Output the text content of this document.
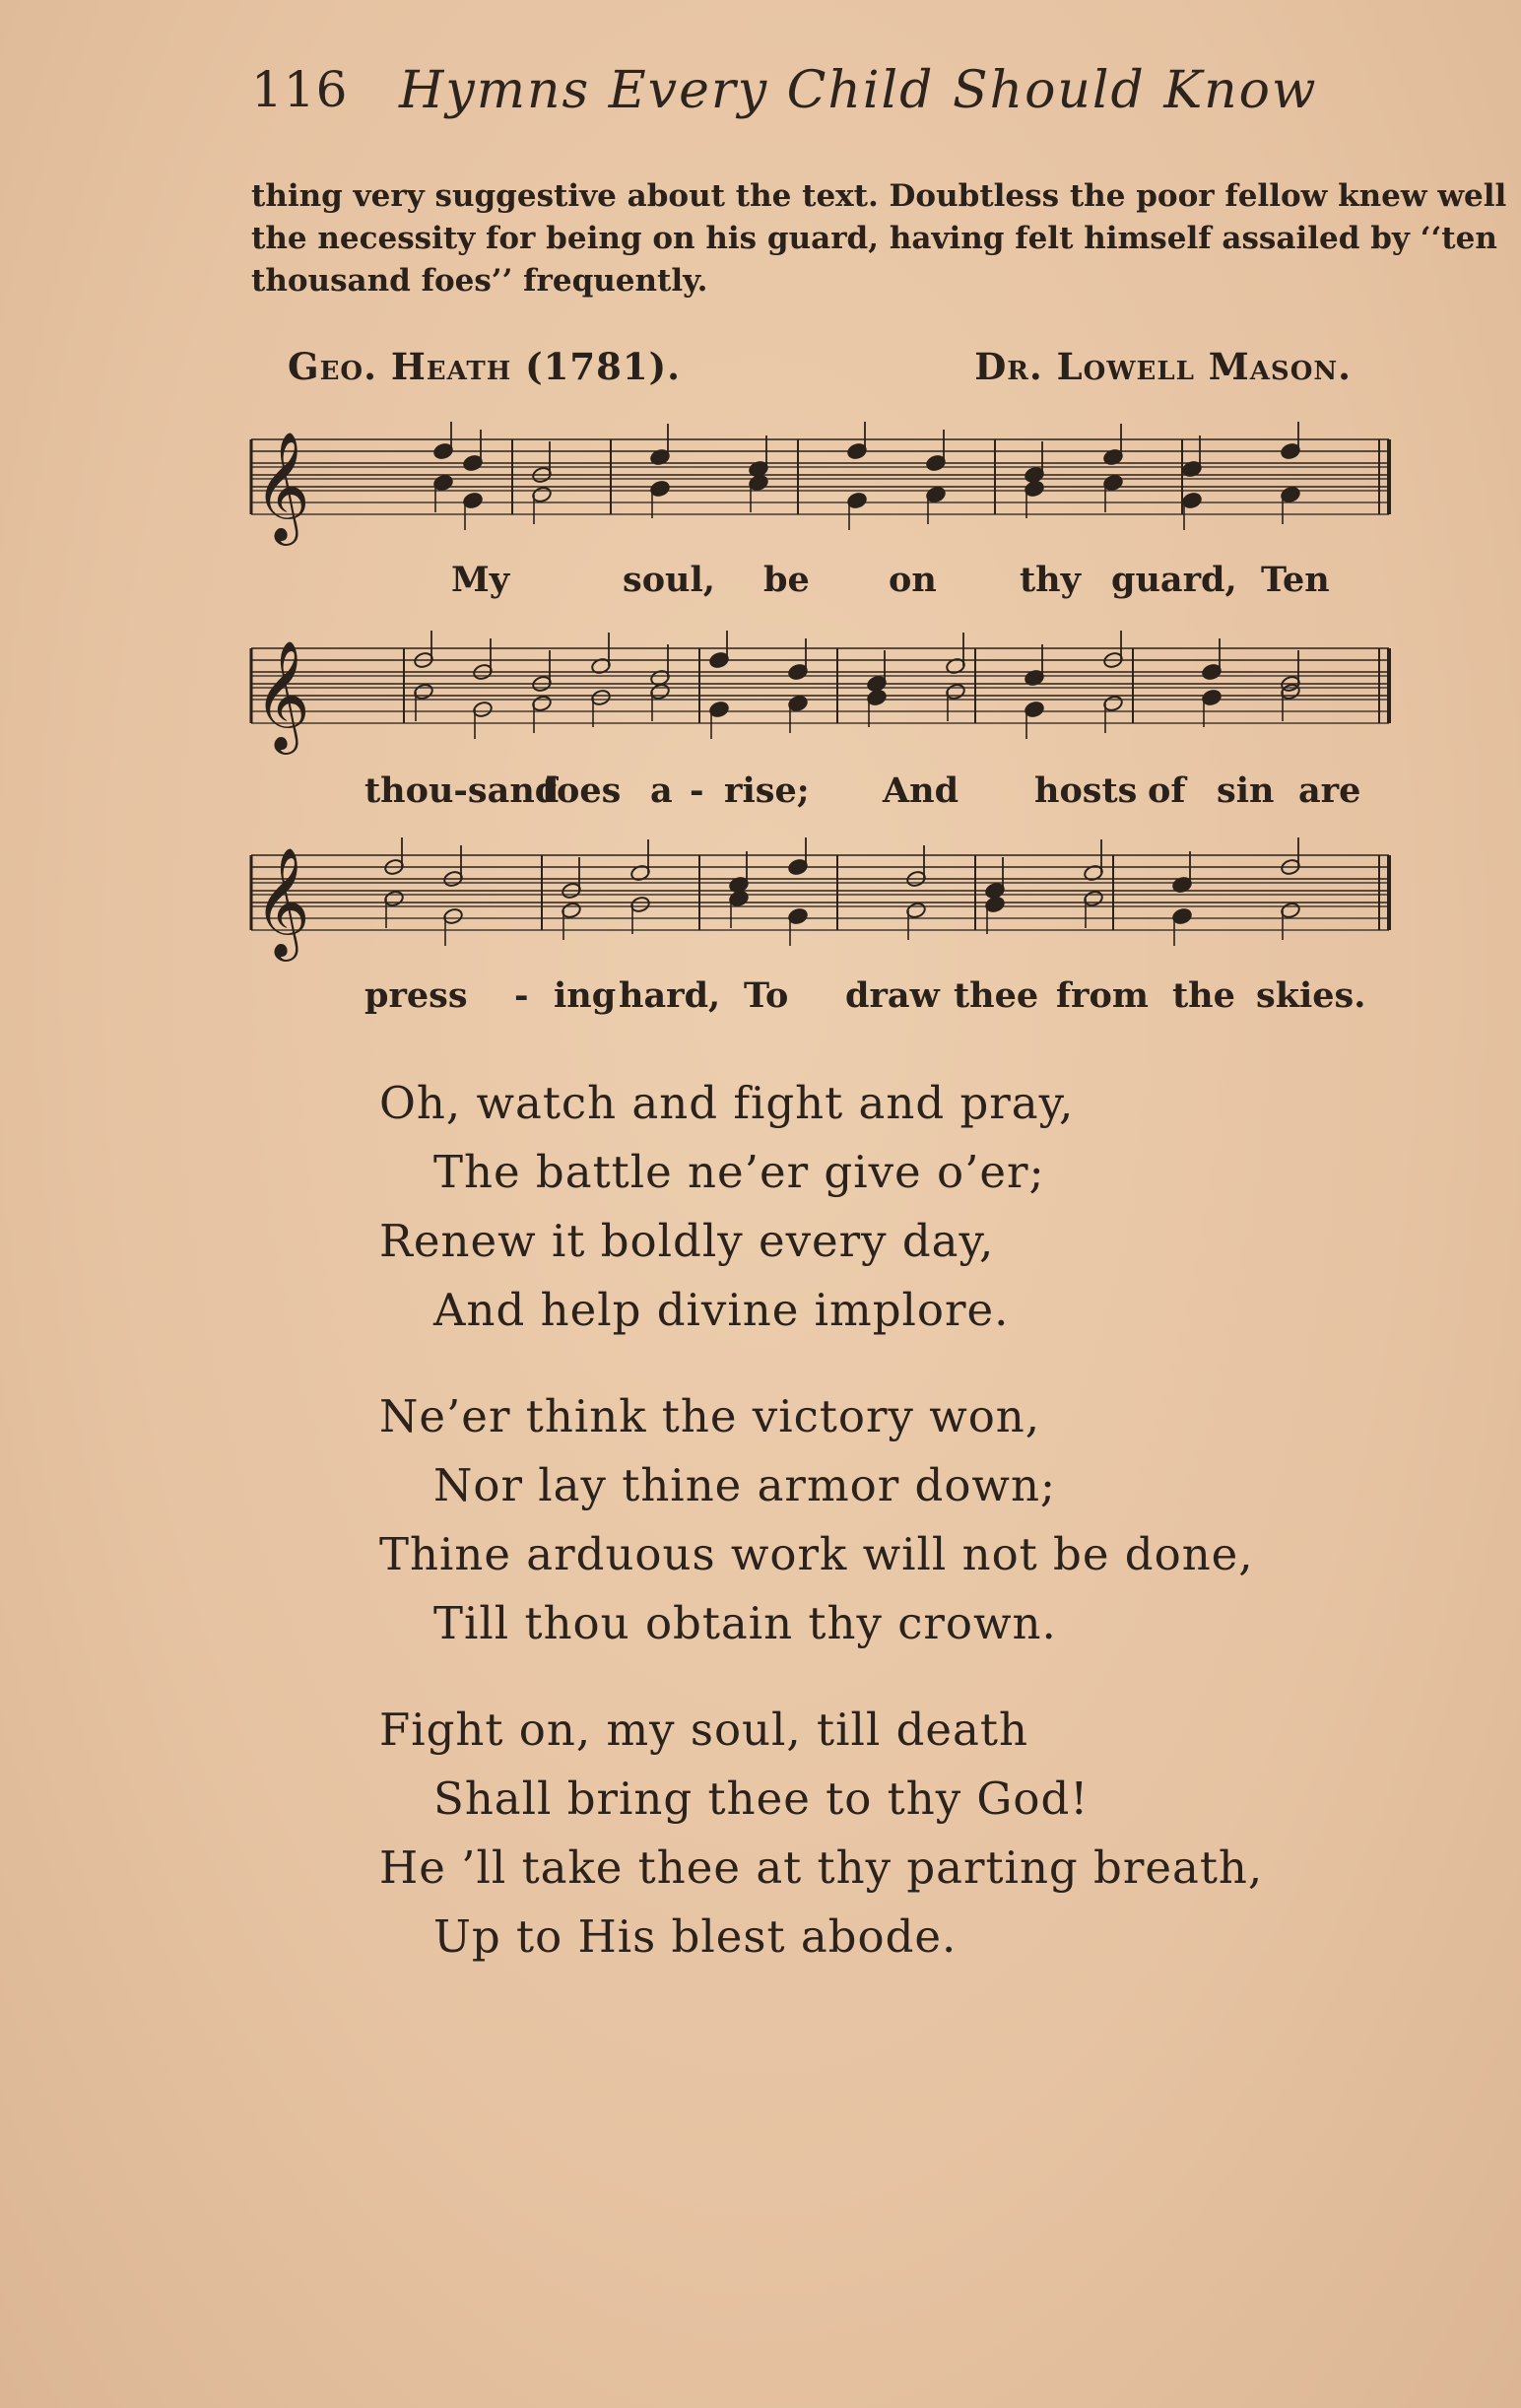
116 Hymns Every Child Should Know
thing very suggestive about the text. Doubtless the poor fellow knew well
the necessity for being on his guard, having felt himself assailed by ‘‘ten
thousand foes’’ frequently.
Geo. Heath (1781).	Dr. Lowell Mason.
𝄞
My	soul, be on thy guard, Ten
𝄞
thou-sand
foes a - rise; And hosts of sin are
𝄞
press - ing hard, To draw thee from the skies.
Oh, watch and fight and pray,
The battle ne’er give o’er;
Renew it boldly every day,
And help divine implore.
Ne’er think the victory won,
Nor lay thine armor down;
Thine arduous work will not be done,
Till thou obtain thy crown.
Fight on, my soul, till death
Shall bring thee to thy God!
He ’ll take thee at thy parting breath,
Up to His blest abode.
